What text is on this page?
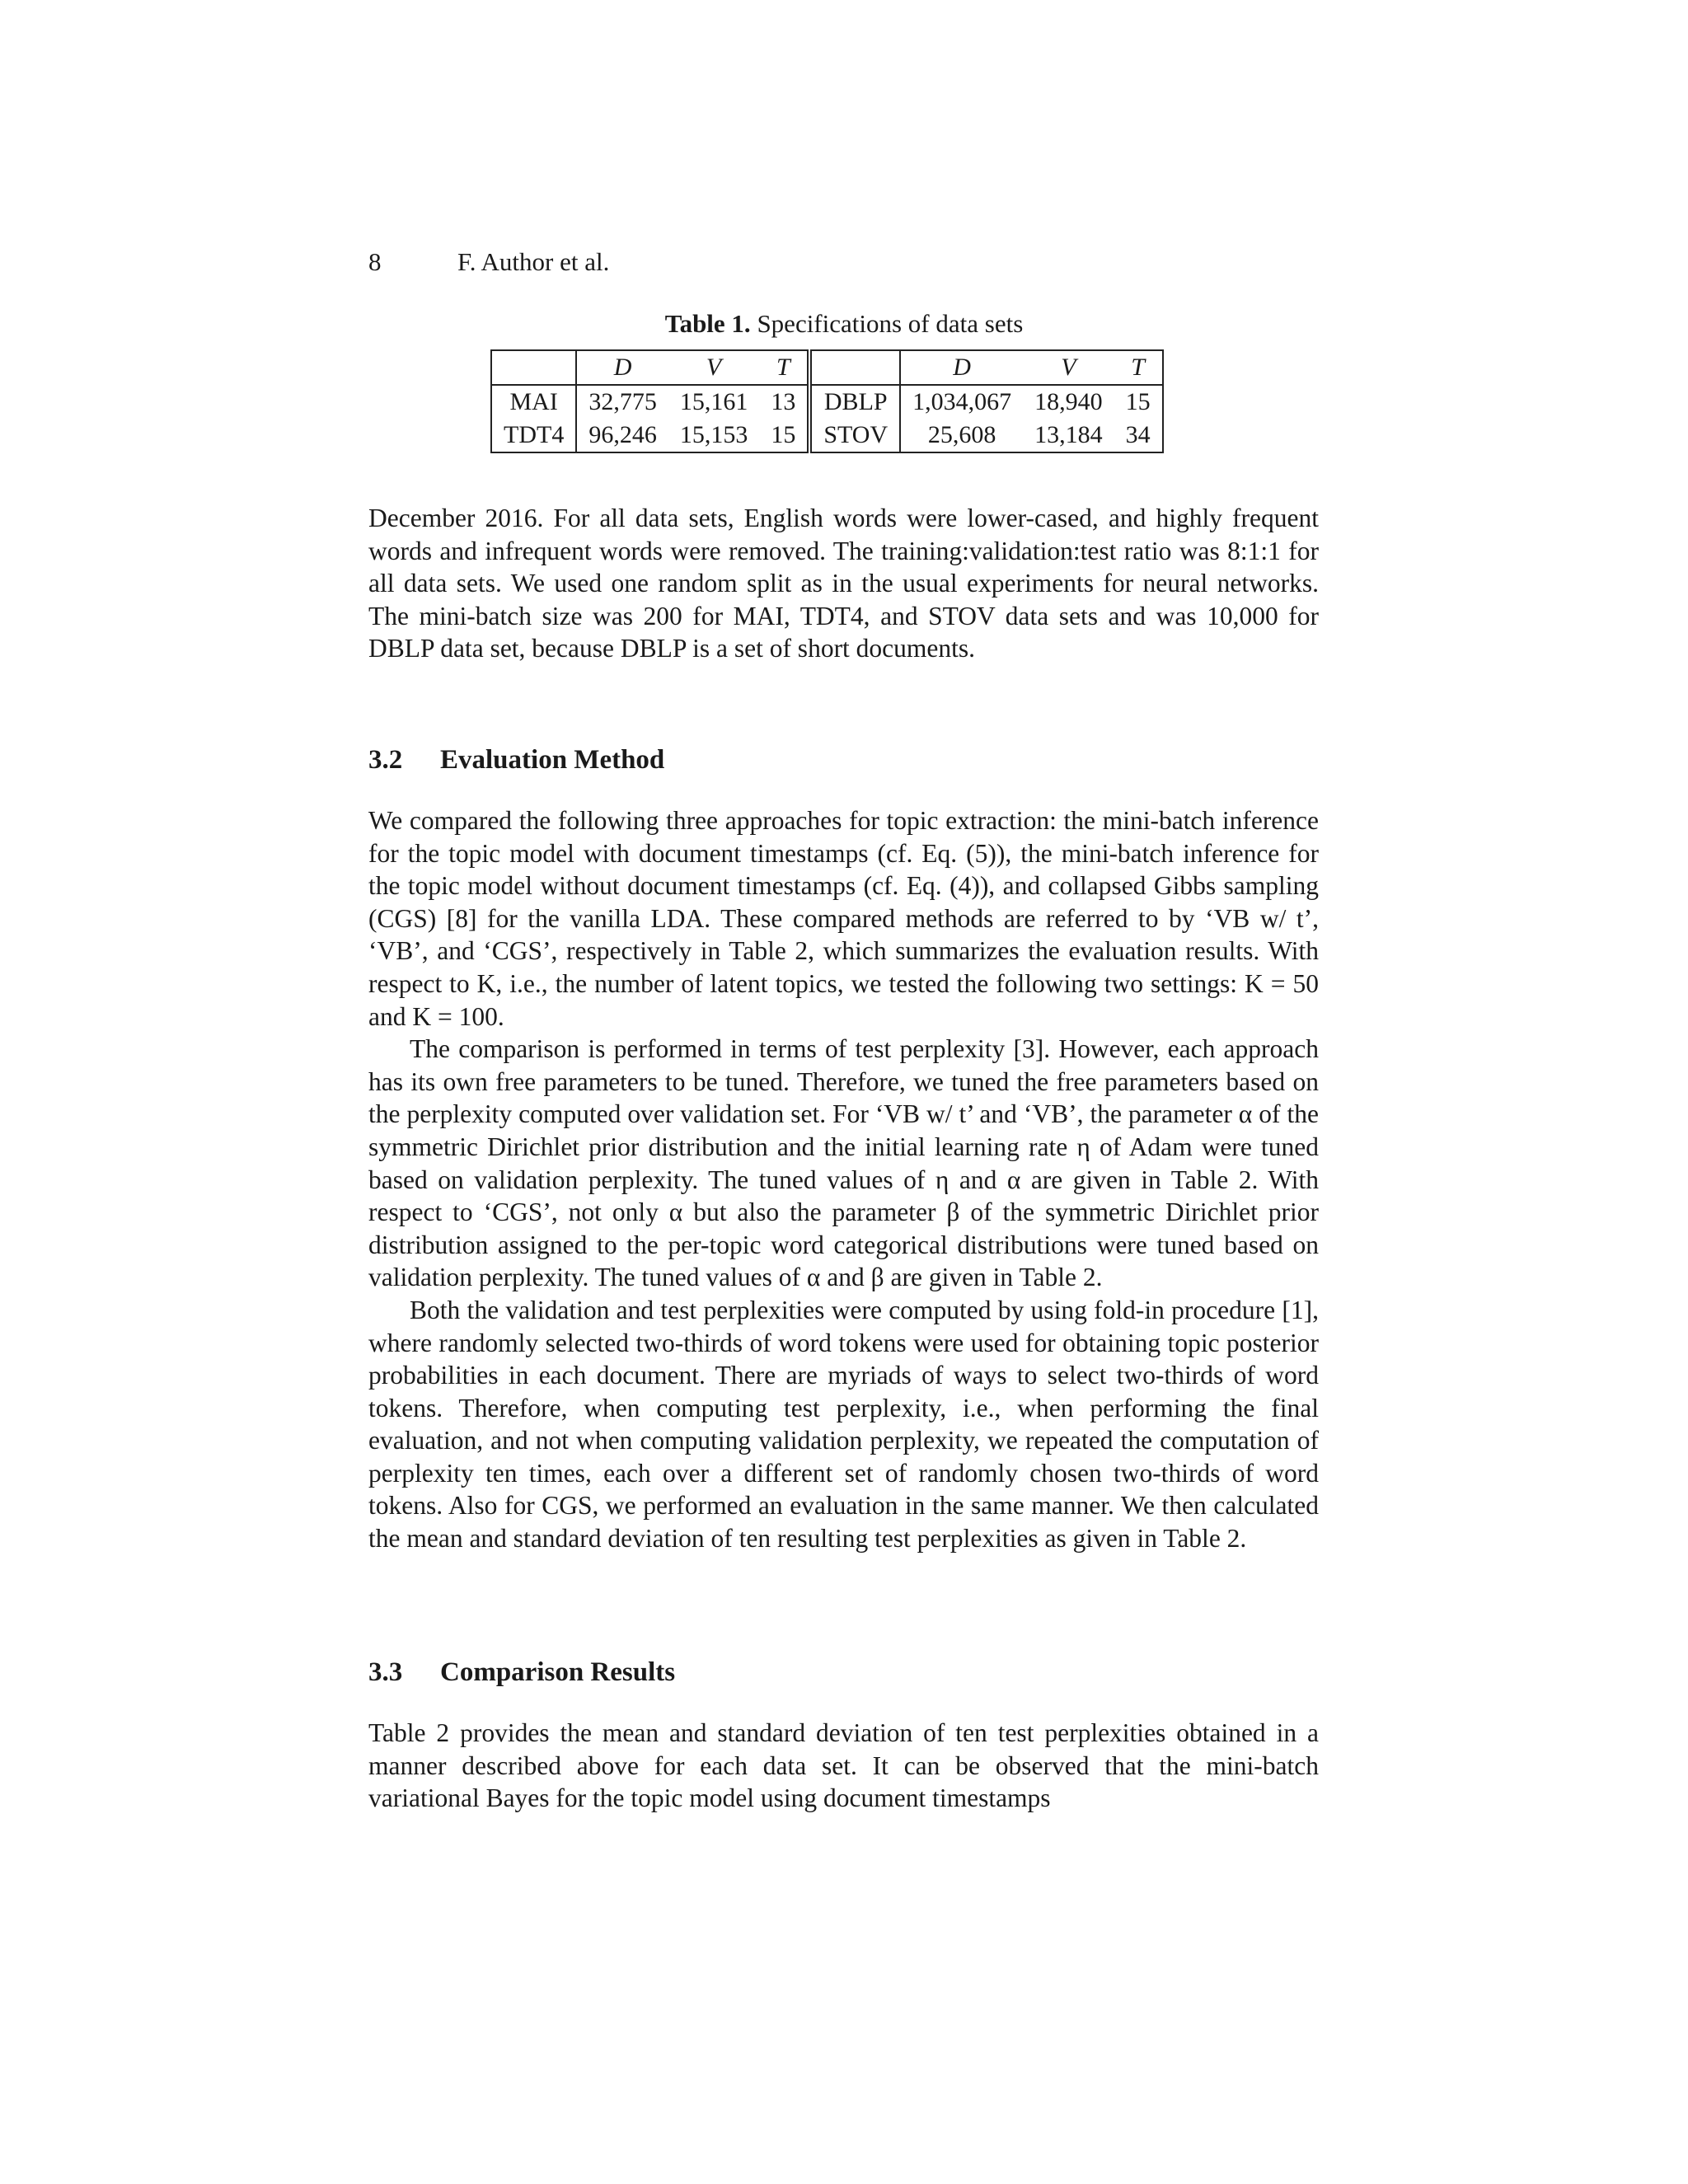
8	F. Author et al.
Table 1. Specifications of data sets
	D	V	T		D	V	T
MAI	32,775	15,161	13	DBLP	1,034,067	18,940	15
TDT4	96,246	15,153	15	STOV	25,608	13,184	34

December 2016. For all data sets, English words were lower-cased, and highly frequent words and infrequent words were removed. The training:validation:test ratio was 8:1:1 for all data sets. We used one random split as in the usual experiments for neural networks. The mini-batch size was 200 for MAI, TDT4, and STOV data sets and was 10,000 for DBLP data set, because DBLP is a set of short documents.

3.2 Evaluation Method

We compared the following three approaches for topic extraction: the mini-batch inference for the topic model with document timestamps (cf. Eq. (5)), the mini-batch inference for the topic model without document timestamps (cf. Eq. (4)), and collapsed Gibbs sampling (CGS) [8] for the vanilla LDA. These compared methods are referred to by ‘VB w/ t’, ‘VB’, and ‘CGS’, respectively in Table 2, which summarizes the evaluation results. With respect to K, i.e., the number of latent topics, we tested the following two settings: K = 50 and K = 100.

The comparison is performed in terms of test perplexity [3]. However, each approach has its own free parameters to be tuned. Therefore, we tuned the free parameters based on the perplexity computed over validation set. For ‘VB w/ t’ and ‘VB’, the parameter α of the symmetric Dirichlet prior distribution and the initial learning rate η of Adam were tuned based on validation perplexity. The tuned values of η and α are given in Table 2. With respect to ‘CGS’, not only α but also the parameter β of the symmetric Dirichlet prior distribution assigned to the per-topic word categorical distributions were tuned based on validation perplexity. The tuned values of α and β are given in Table 2.

Both the validation and test perplexities were computed by using fold-in procedure [1], where randomly selected two-thirds of word tokens were used for obtaining topic posterior probabilities in each document. There are myriads of ways to select two-thirds of word tokens. Therefore, when computing test perplexity, i.e., when performing the final evaluation, and not when computing validation perplexity, we repeated the computation of perplexity ten times, each over a different set of randomly chosen two-thirds of word tokens. Also for CGS, we performed an evaluation in the same manner. We then calculated the mean and standard deviation of ten resulting test perplexities as given in Table 2.

3.3 Comparison Results

Table 2 provides the mean and standard deviation of ten test perplexities obtained in a manner described above for each data set. It can be observed that the mini-batch variational Bayes for the topic model using document timestamps
